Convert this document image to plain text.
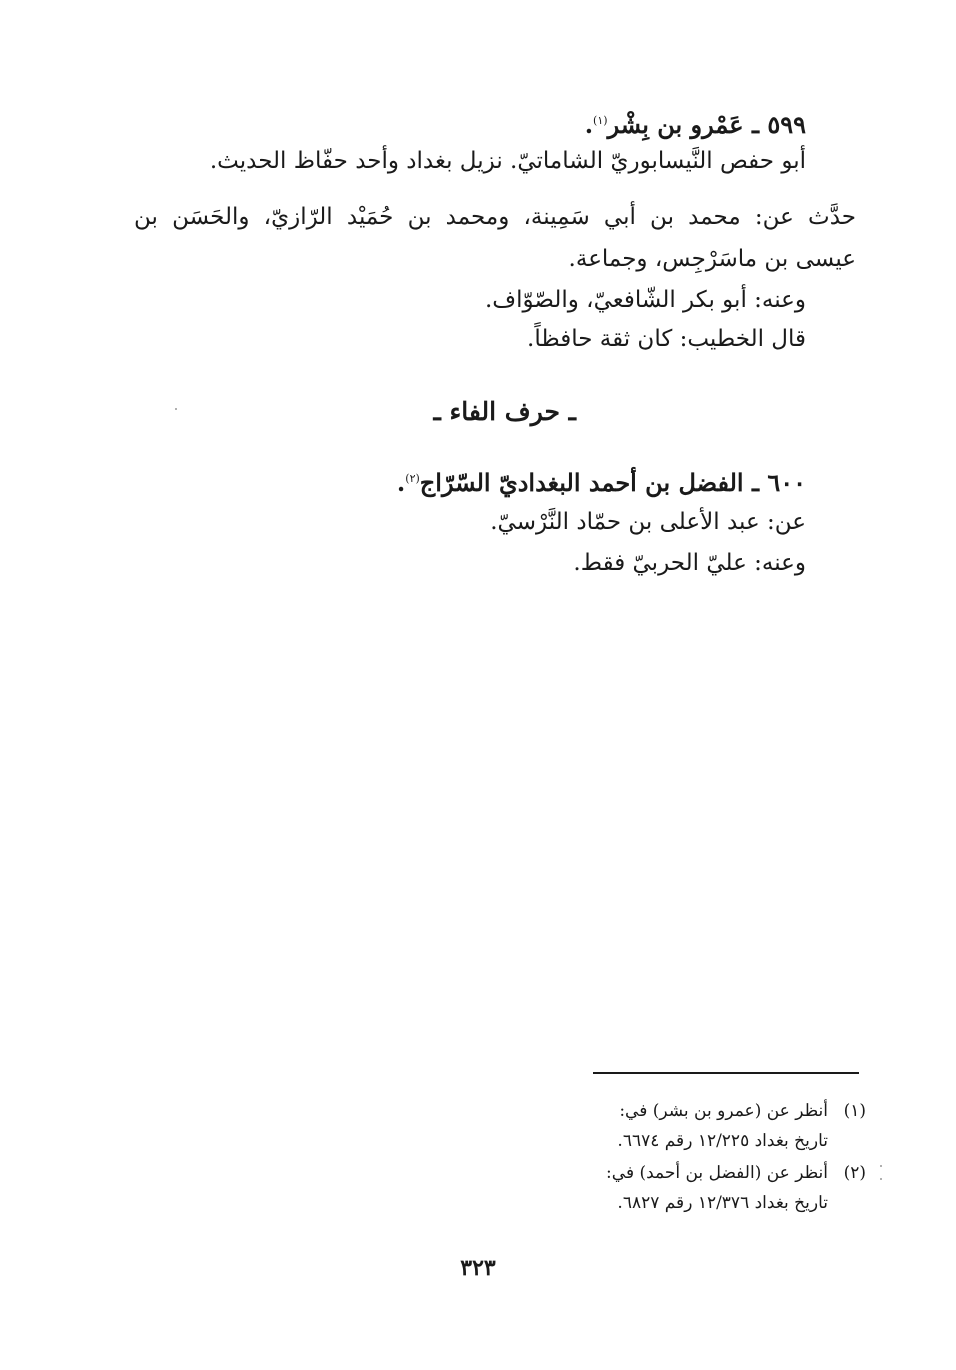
٥٩٩ ـ عَمْرو بن بِشْر$^{(١)}$.
أبو حفص النَّيسابوريّ الشاماتيّ. نزيل بغداد وأحد حفّاظ الحديث.
حدَّث عن: محمد بن أبي سَمِينة، ومحمد بن حُمَيْد الرّازيّ، والحَسَن بن
عيسى بن ماسَرْجِس، وجماعة.
وعنه: أبو بكر الشّافعيّ، والصّوّاف.
قال الخطيب: كان ثقة حافظاً.
ـ حرف الفاء ـ
٦٠٠ ـ الفضل بن أحمد البغداديّ السّرّاج$^{(٢)}$.
عن: عبد الأعلى بن حمّاد النَّرْسيّ.
وعنه: عليّ الحربيّ فقط.
(١)أنظر عن (عمرو بن بشر) في:
تاريخ بغداد ١٢/٢٢٥ رقم ٦٦٧٤.
(٢)أنظر عن (الفضل بن أحمد) في:
تاريخ بغداد ١٢/٣٧٦ رقم ٦٨٢٧.
٣٢٣
